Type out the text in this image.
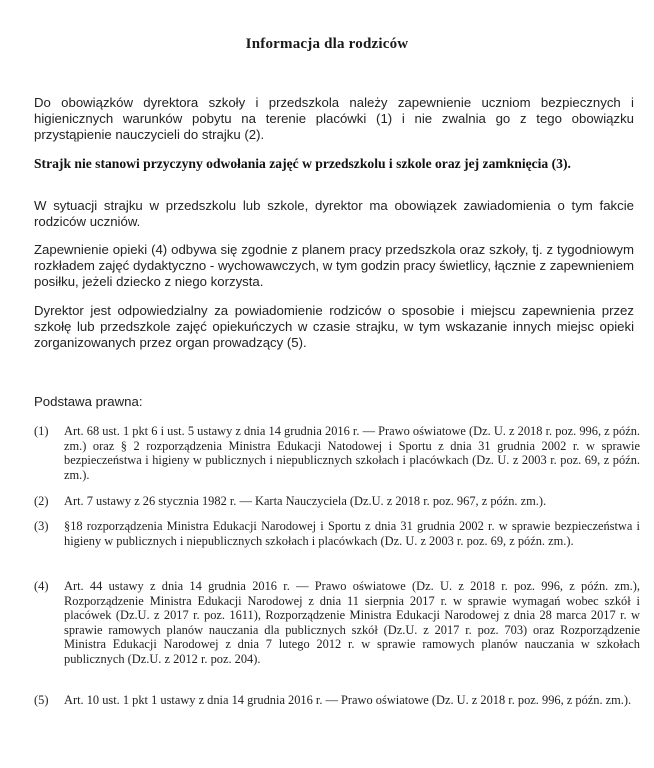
Informacja dla rodziców
Do obowiązków dyrektora szkoły i przedszkola należy zapewnienie uczniom bezpiecznych i higienicznych warunków pobytu na terenie placówki (1) i nie zwalnia go z tego obowiązku przystąpienie nauczycieli do strajku (2).
Strajk nie stanowi przyczyny odwołania zajęć w przedszkolu i szkole oraz jej zamknięcia (3).
W sytuacji strajku w przedszkolu lub szkole, dyrektor ma obowiązek zawiadomienia o tym fakcie rodziców uczniów.
Zapewnienie opieki (4) odbywa się zgodnie z planem pracy przedszkola oraz szkoły, tj. z tygodniowym rozkładem zajęć dydaktyczno - wychowawczych, w tym godzin pracy świetlicy, łącznie z zapewnieniem posiłku, jeżeli dziecko z niego korzysta.
Dyrektor jest odpowiedzialny za powiadomienie rodziców o sposobie i miejscu zapewnienia przez szkołę lub przedszkole zajęć opiekuńczych w czasie strajku, w tym wskazanie innych miejsc opieki zorganizowanych przez organ prowadzący (5).
Podstawa prawna:
(1)	Art. 68 ust. 1 pkt 6 i ust. 5 ustawy z dnia 14 grudnia 2016 r. — Prawo oświatowe (Dz. U. z 2018 r. poz. 996, z późn. zm.) oraz § 2 rozporządzenia Ministra Edukacji Natodowej i Sportu z dnia 31 grudnia 2002 r. w sprawie bezpieczeństwa i higieny w publicznych i niepublicznych szkołach i placówkach (Dz. U. z 2003 r. poz. 69, z późn. zm.).
(2)	Art. 7 ustawy z 26 stycznia 1982 r. — Karta Nauczyciela (Dz.U. z 2018 r. poz. 967, z późn. zm.).
(3)	§18 rozporządzenia Ministra Edukacji Narodowej i Sportu z dnia 31 grudnia 2002 r. w sprawie bezpieczeństwa i higieny w publicznych i niepublicznych szkołach i placówkach (Dz. U. z 2003 r. poz. 69, z późn. zm.).
(4)	Art. 44 ustawy z dnia 14 grudnia 2016 r. — Prawo oświatowe (Dz. U. z 2018 r. poz. 996, z późn. zm.), Rozporządzenie Ministra Edukacji Narodowej z dnia 11 sierpnia 2017 r. w sprawie wymagań wobec szkół i placówek (Dz.U. z 2017 r. poz. 1611), Rozporządzenie Ministra Edukacji Narodowej z dnia 28 marca 2017 r. w sprawie ramowych planów nauczania dla publicznych szkół (Dz.U. z 2017 r. poz. 703) oraz Rozporządzenie Ministra Edukacji Narodowej z dnia 7 lutego 2012 r. w sprawie ramowych planów nauczania w szkołach publicznych (Dz.U. z 2012 r. poz. 204).
(5)	Art. 10 ust. 1 pkt 1 ustawy z dnia 14 grudnia 2016 r. — Prawo oświatowe (Dz. U. z 2018 r. poz. 996, z późn. zm.).
